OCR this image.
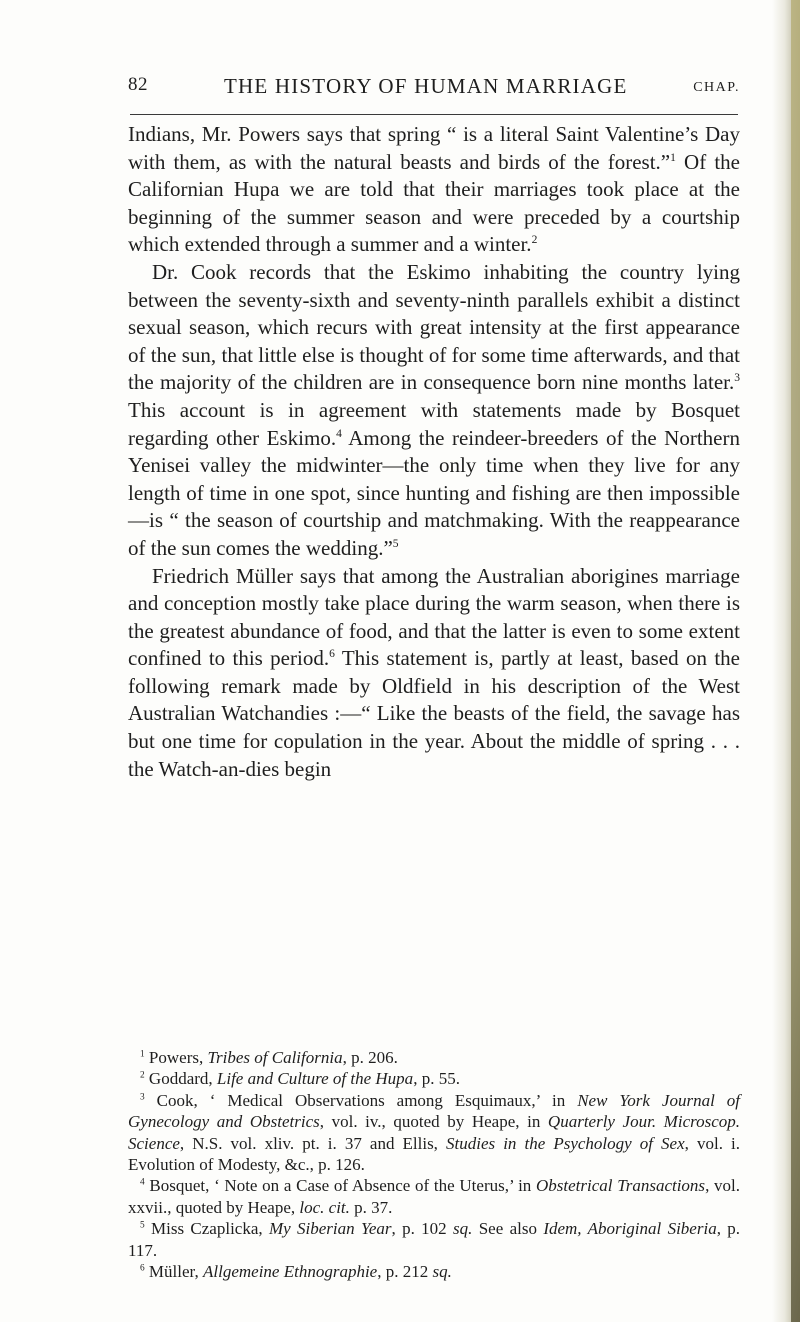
82	THE HISTORY OF HUMAN MARRIAGE	CHAP.

Indians, Mr. Powers says that spring “ is a literal Saint Valentine’s Day with them, as with the natural beasts and birds of the forest.”$^1$ Of the Californian Hupa we are told that their marriages took place at the beginning of the summer season and were preceded by a courtship which extended through a summer and a winter.$^2$

Dr. Cook records that the Eskimo inhabiting the country lying between the seventy-sixth and seventy-ninth parallels exhibit a distinct sexual season, which recurs with great intensity at the first appearance of the sun, that little else is thought of for some time afterwards, and that the majority of the children are in consequence born nine months later.$^3$ This account is in agreement with statements made by Bosquet regarding other Eskimo.$^4$ Among the reindeer-breeders of the Northern Yenisei valley the midwinter—the only time when they live for any length of time in one spot, since hunting and fishing are then impossible—is “ the season of courtship and matchmaking. With the reappearance of the sun comes the wedding.”$^5$

Friedrich Müller says that among the Australian aborigines marriage and conception mostly take place during the warm season, when there is the greatest abundance of food, and that the latter is even to some extent confined to this period.$^6$ This statement is, partly at least, based on the following remark made by Oldfield in his description of the West Australian Watchandies :—“ Like the beasts of the field, the savage has but one time for copulation in the year. About the middle of spring . . . the Watch-an-dies begin

$^1$ Powers, Tribes of California, p. 206.

$^2$ Goddard, Life and Culture of the Hupa, p. 55.

$^3$ Cook, ‘ Medical Observations among Esquimaux,’ in New York Journal of Gynecology and Obstetrics, vol. iv., quoted by Heape, in Quarterly Jour. Microscop. Science, N.S. vol. xliv. pt. i. 37 and Ellis, Studies in the Psychology of Sex, vol. i. Evolution of Modesty, &c., p. 126.

$^4$ Bosquet, ‘ Note on a Case of Absence of the Uterus,’ in Obstetrical Transactions, vol. xxvii., quoted by Heape, loc. cit. p. 37.

$^5$ Miss Czaplicka, My Siberian Year, p. 102 sq. See also Idem, Aboriginal Siberia, p. 117.

$^6$ Müller, Allgemeine Ethnographie, p. 212 sq.
